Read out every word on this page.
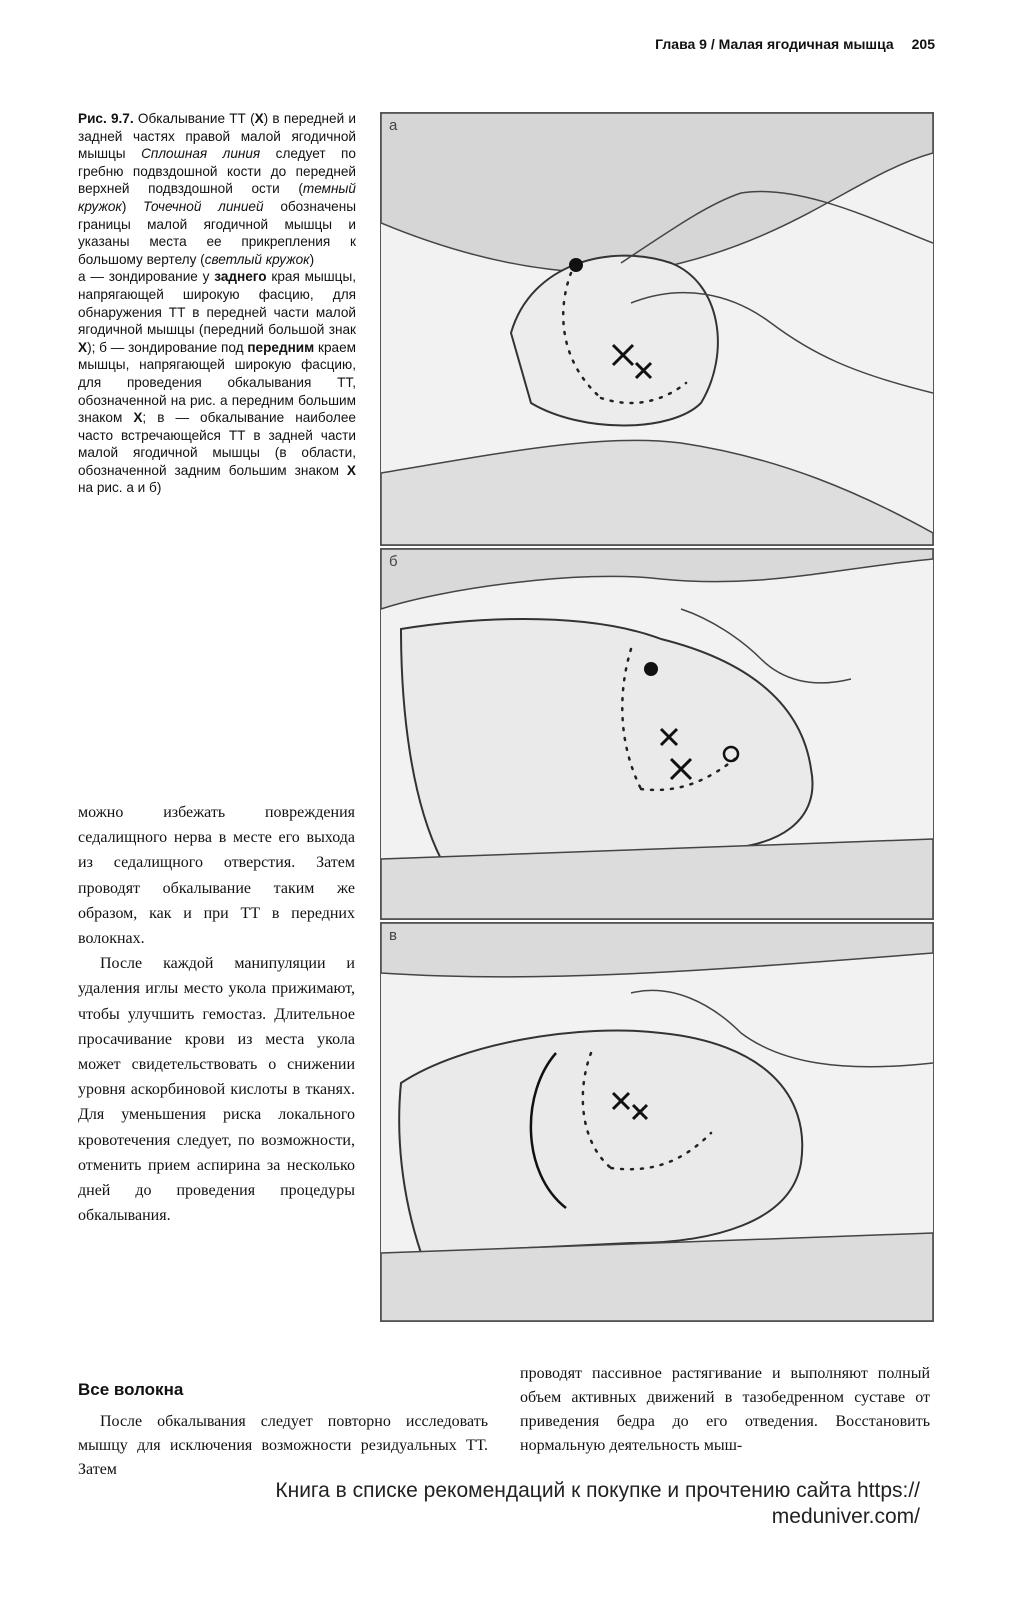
Глава 9 / Малая ягодичная мышца 205

Рис. 9.7. Обкалывание ТТ (X) в передней и задней частях правой малой ягодичной мышцы Сплошная линия следует по гребню подвздошной кости до передней верхней подвздошной ости (темный кружок) Точечной линией обозначены границы малой ягодичной мышцы и указаны места ее прикрепления к большому вертелу (светлый кружок)

а — зондирование у заднего края мышцы, напрягающей широкую фасцию, для обнаружения ТТ в передней части малой ягодичной мышцы (передний большой знак X); б — зондирование под передним краем мышцы, напрягающей широкую фасцию, для проведения обкалывания ТТ, обозначенной на рис. а передним большим знаком X; в — обкалывание наиболее часто встречающейся ТТ в задней части малой ягодичной мышцы (в области, обозначенной задним большим знаком X на рис. а и б)

можно избежать повреждения седалищного нерва в месте его выхода из седалищного отверстия. Затем проводят обкалывание таким же образом, как и при ТТ в передних волокнах.

После каждой манипуляции и удаления иглы место укола прижимают, чтобы улучшить гемостаз. Длительное просачивание крови из места укола может свидетельствовать о снижении уровня аскорбиновой кислоты в тканях. Для уменьшения риска локального кровотечения следует, по возможности, отменить прием аспирина за несколько дней до проведения процедуры обкалывания.

Все волокна
После обкалывания следует повторно исследовать мышцу для исключения возможности резидуальных ТТ. Затем
проводят пассивное растягивание и выполняют полный объем активных движений в тазобедренном суставе от приведения бедра до его отведения. Восстановить нормальную деятельность мыш-
а
б
в
Книга в списке рекомендаций к покупке и прочтению сайта https:// meduniver.com/
